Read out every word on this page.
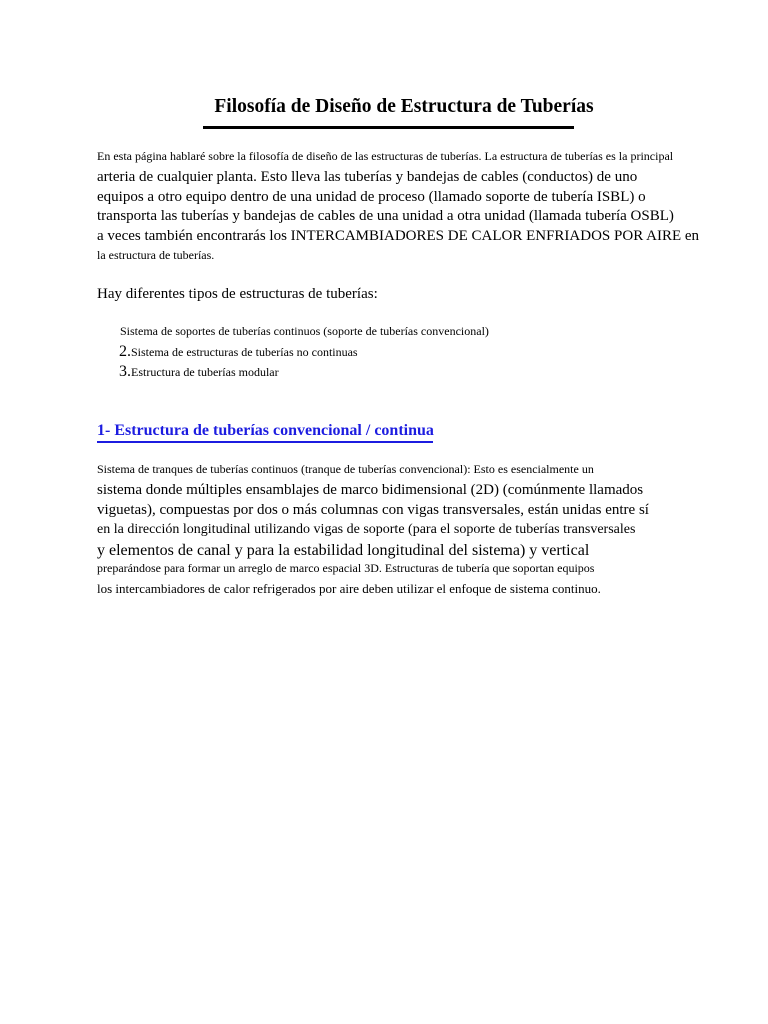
Filosofía de Diseño de Estructura de Tuberías
En esta página hablaré sobre la filosofía de diseño de las estructuras de tuberías. La estructura de tuberías es la principal
arteria de cualquier planta. Esto lleva las tuberías y bandejas de cables (conductos) de uno
equipos a otro equipo dentro de una unidad de proceso (llamado soporte de tubería ISBL) o
transporta las tuberías y bandejas de cables de una unidad a otra unidad (llamada tubería OSBL)
a veces también encontrarás los INTERCAMBIADORES DE CALOR ENFRIADOS POR AIRE en
la estructura de tuberías.
Hay diferentes tipos de estructuras de tuberías:
Sistema de soportes de tuberías continuos (soporte de tuberías convencional)
2.Sistema de estructuras de tuberías no continuas
3.Estructura de tuberías modular
1- Estructura de tuberías convencional / continua
Sistema de tranques de tuberías continuos (tranque de tuberías convencional): Esto es esencialmente un
sistema donde múltiples ensamblajes de marco bidimensional (2D) (comúnmente llamados
viguetas), compuestas por dos o más columnas con vigas transversales, están unidas entre sí
en la dirección longitudinal utilizando vigas de soporte (para el soporte de tuberías transversales
y elementos de canal y para la estabilidad longitudinal del sistema) y vertical
preparándose para formar un arreglo de marco espacial 3D. Estructuras de tubería que soportan equipos
los intercambiadores de calor refrigerados por aire deben utilizar el enfoque de sistema continuo.
